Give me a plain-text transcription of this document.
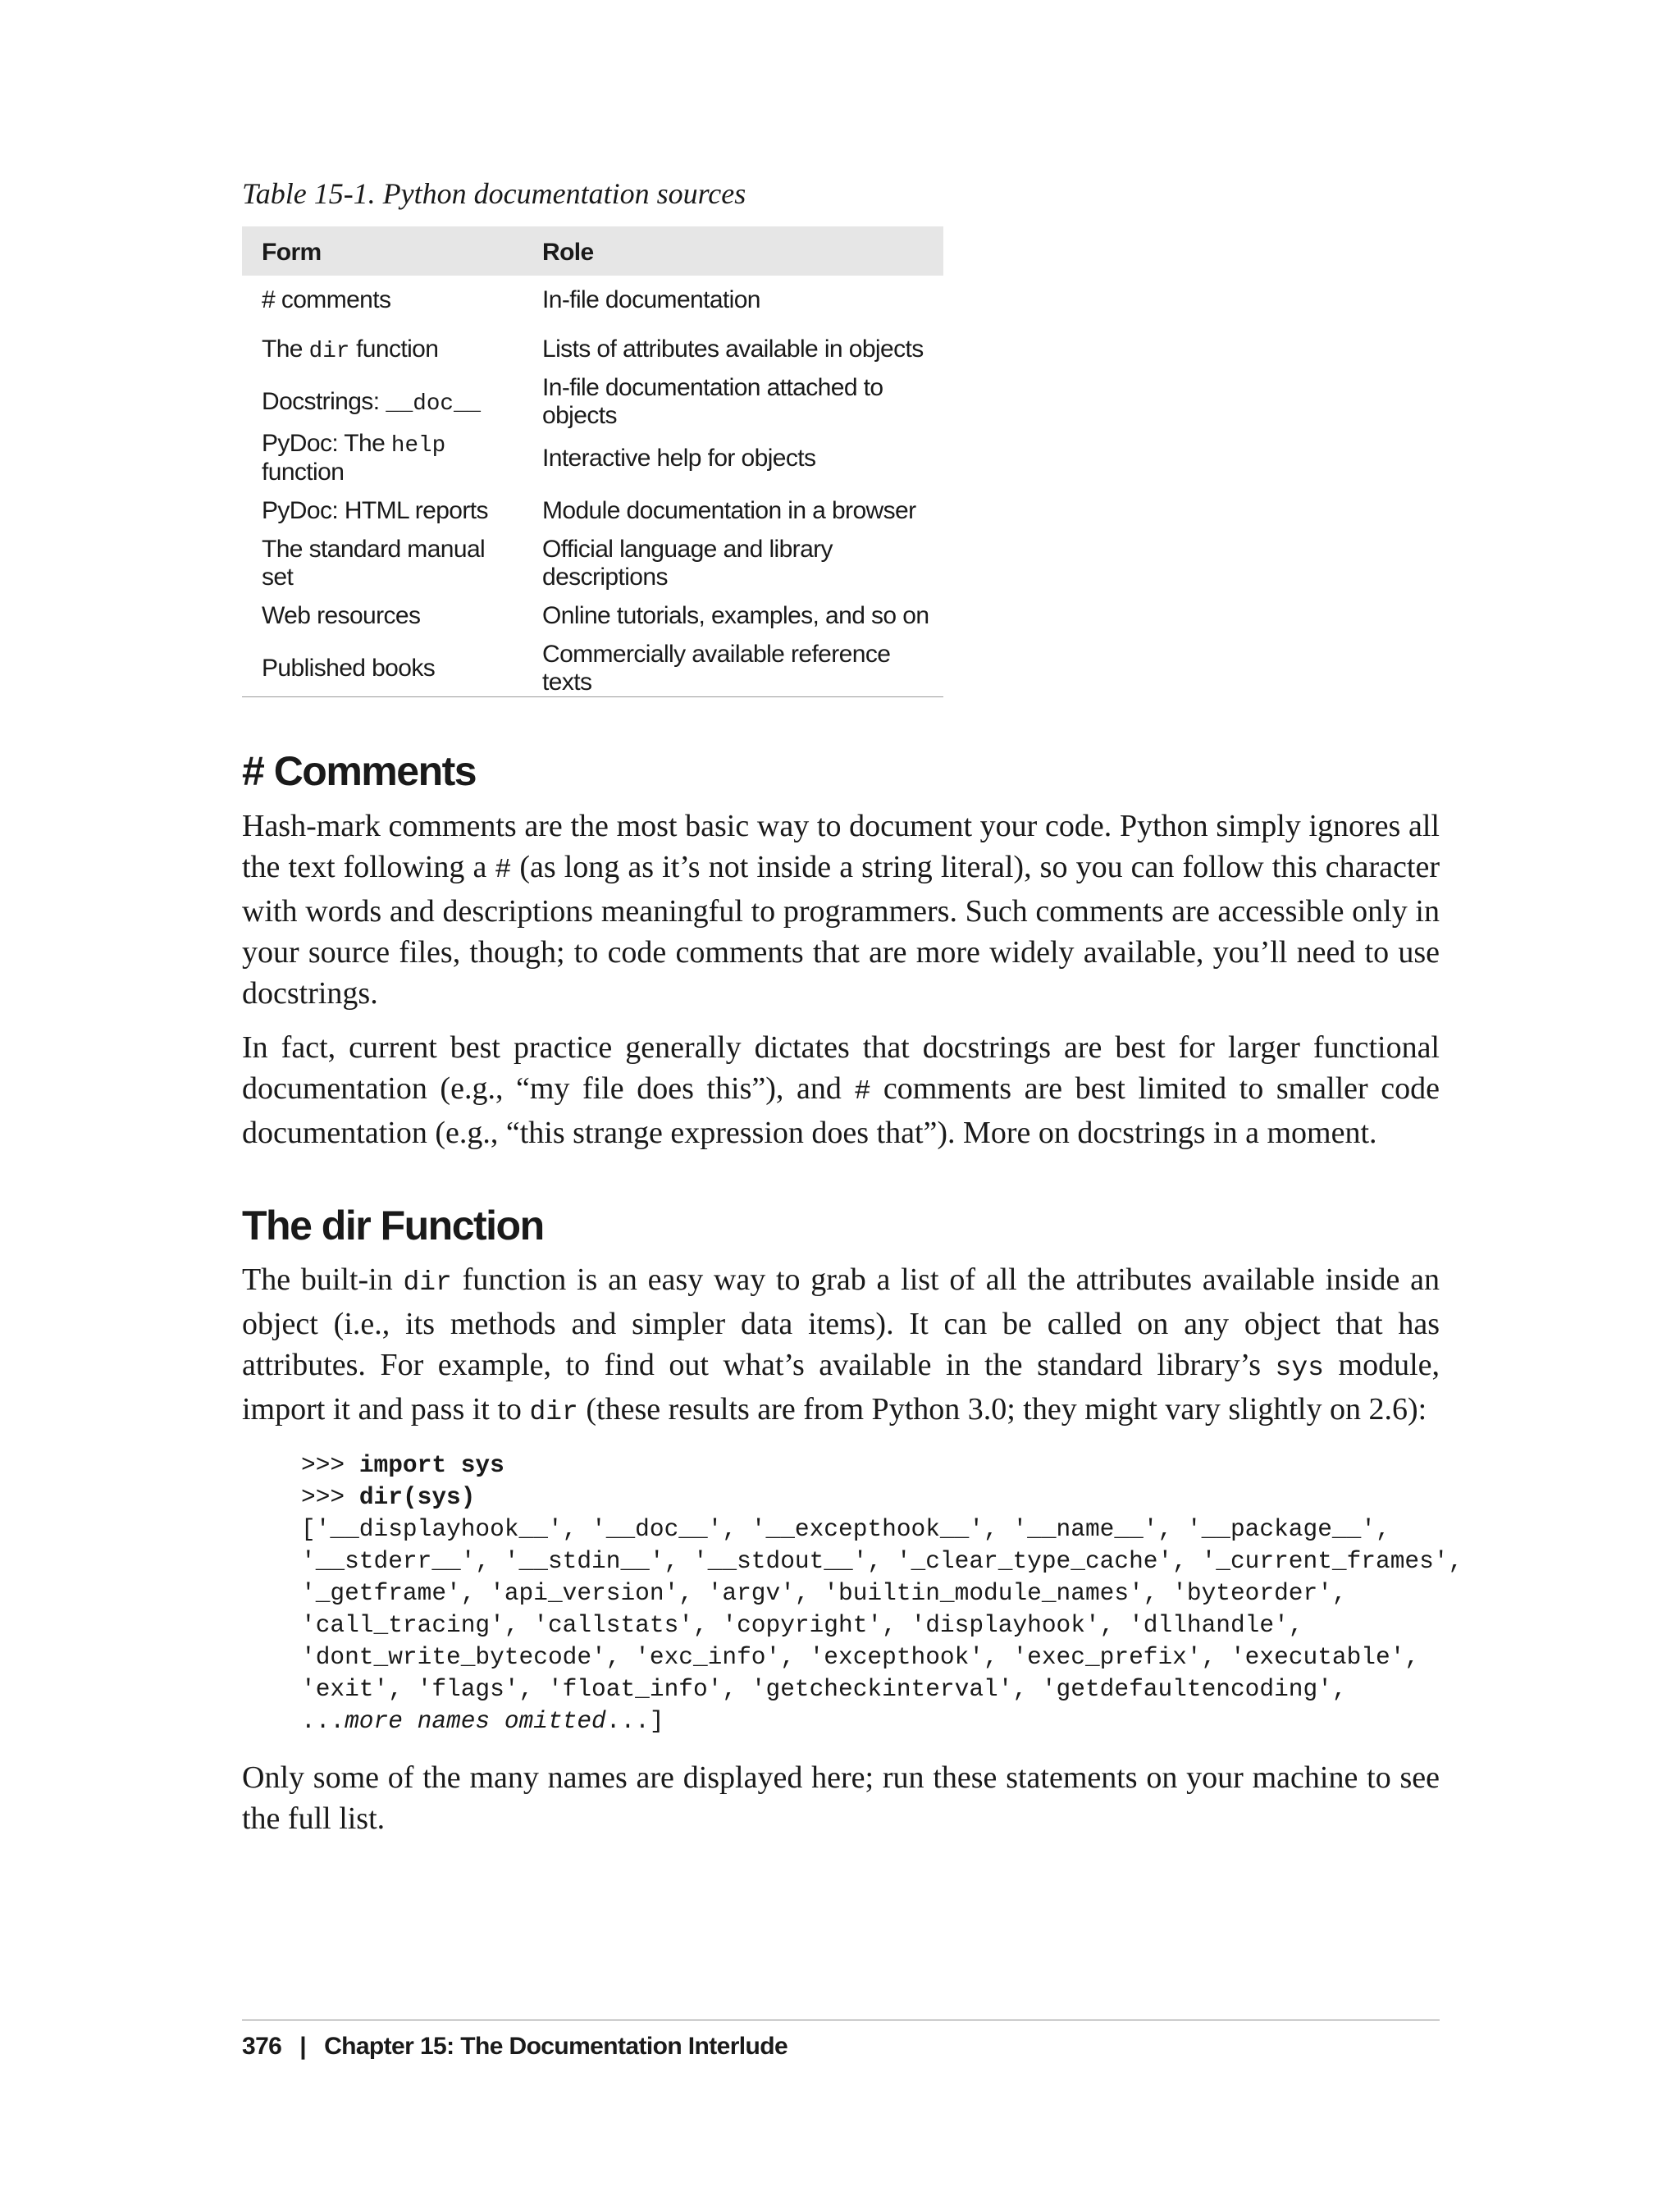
Table 15-1. Python documentation sources
Form	Role
# comments	In-file documentation
The dir function	Lists of attributes available in objects
Docstrings: __doc__	In-file documentation attached to objects
PyDoc: The help function	Interactive help for objects
PyDoc: HTML reports	Module documentation in a browser
The standard manual set	Official language and library descriptions
Web resources	Online tutorials, examples, and so on
Published books	Commercially available reference texts
# Comments

Hash-mark comments are the most basic way to document your code. Python simply ignores all the text following a # (as long as it’s not inside a string literal), so you can follow this character with words and descriptions meaningful to programmers. Such comments are accessible only in your source files, though; to code comments that are more widely available, you’ll need to use docstrings.

In fact, current best practice generally dictates that docstrings are best for larger functional documentation (e.g., “my file does this”), and # comments are best limited to smaller code documentation (e.g., “this strange expression does that”). More on docstrings in a moment.

The dir Function

The built-in dir function is an easy way to grab a list of all the attributes available inside an object (i.e., its methods and simpler data items). It can be called on any object that has attributes. For example, to find out what’s available in the standard library’s sys module, import it and pass it to dir (these results are from Python 3.0; they might vary slightly on 2.6):

>>> import sys
>>> dir(sys)
['__displayhook__', '__doc__', '__excepthook__', '__name__', '__package__',
'__stderr__', '__stdin__', '__stdout__', '_clear_type_cache', '_current_frames',
'_getframe', 'api_version', 'argv', 'builtin_module_names', 'byteorder',
'call_tracing', 'callstats', 'copyright', 'displayhook', 'dllhandle',
'dont_write_bytecode', 'exc_info', 'excepthook', 'exec_prefix', 'executable',
'exit', 'flags', 'float_info', 'getcheckinterval', 'getdefaultencoding',
...more names omitted...]

Only some of the many names are displayed here; run these statements on your machine to see the full list.

376 | Chapter 15: The Documentation Interlude
